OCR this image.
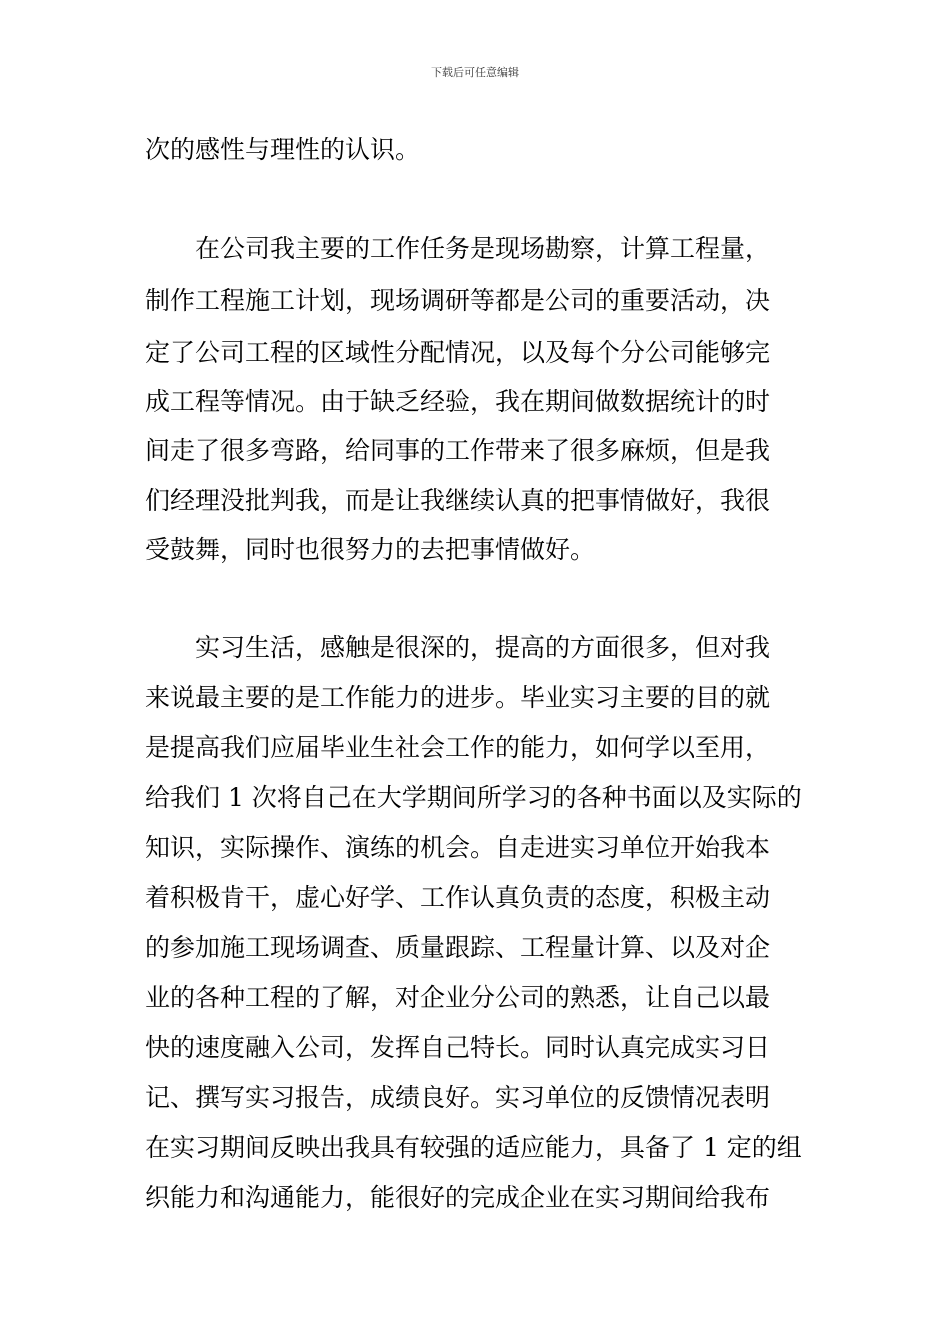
下载后可任意编辑
次的感性与理性的认识。
　　在公司我主要的工作任务是现场勘察，计算工程量，
制作工程施工计划，现场调研等都是公司的重要活动，决
定了公司工程的区域性分配情况，以及每个分公司能够完
成工程等情况。由于缺乏经验，我在期间做数据统计的时
间走了很多弯路，给同事的工作带来了很多麻烦，但是我
们经理没批判我，而是让我继续认真的把事情做好，我很
受鼓舞，同时也很努力的去把事情做好。
　　实习生活，感触是很深的，提高的方面很多，但对我
来说最主要的是工作能力的进步。毕业实习主要的目的就
是提高我们应届毕业生社会工作的能力，如何学以至用，
给我们 1 次将自己在大学期间所学习的各种书面以及实际的
知识，实际操作、演练的机会。自走进实习单位开始我本
着积极肯干，虚心好学、工作认真负责的态度，积极主动
的参加施工现场调查、质量跟踪、工程量计算、以及对企
业的各种工程的了解，对企业分公司的熟悉，让自己以最
快的速度融入公司，发挥自己特长。同时认真完成实习日
记、撰写实习报告，成绩良好。实习单位的反馈情况表明
在实习期间反映出我具有较强的适应能力，具备了 1 定的组
织能力和沟通能力，能很好的完成企业在实习期间给我布
